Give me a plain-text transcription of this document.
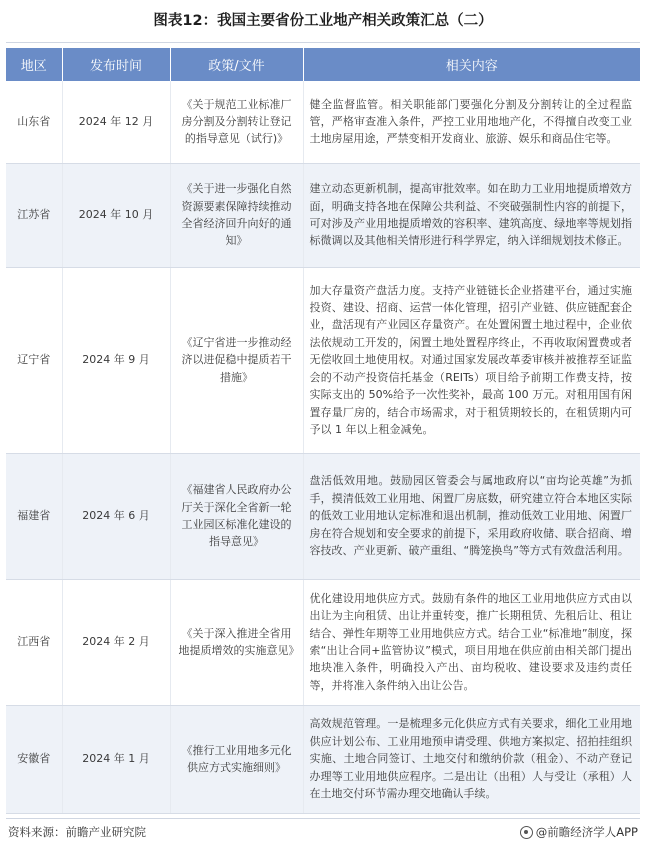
图表12：我国主要省份工业地产相关政策汇总（二）
地区	发布时间	政策/文件	相关内容
山东省	2024 年 12 月	《关于规范工业标准厂房分割及分割转让登记的指导意见（试行)》	健全监督监管。相关职能部门要强化分割及分割转让的全过程监管，严格审查准入条件，严控工业用地地产化，不得擅自改变工业土地房屋用途，严禁变相开发商业、旅游、娱乐和商品住宅等。
江苏省	2024 年 10 月	《关于进一步强化自然资源要素保障持续推动全省经济回升向好的通知》	建立动态更新机制，提高审批效率。如在助力工业用地提质增效方面，明确支持各地在保障公共利益、不突破强制性内容的前提下，可对涉及产业用地提质增效的容积率、建筑高度、绿地率等规划指标微调以及其他相关情形进行科学界定，纳入详细规划技术修正。
辽宁省	2024 年 9 月	《辽宁省进一步推动经济以进促稳中提质若干措施》	加大存量资产盘活力度。支持产业链链长企业搭建平台，通过实施投资、建设、招商、运营一体化管理，招引产业链、供应链配套企业，盘活现有产业园区存量资产。在处置闲置土地过程中，企业依法依规动工开发的，闲置土地处置程序终止，不再收取闲置费或者无偿收回土地使用权。对通过国家发展改革委审核并被推荐至证监会的不动产投资信托基金（REITs）项目给予前期工作费支持，按实际支出的 50%给予一次性奖补，最高 100 万元。对租用国有闲置存量厂房的，结合市场需求，对于租赁期较长的，在租赁期内可予以 1 年以上租金减免。
福建省	2024 年 6 月	《福建省人民政府办公厅关于深化全省新一轮工业园区标准化建设的指导意见》	盘活低效用地。鼓励园区管委会与属地政府以“亩均论英雄”为抓手，摸清低效工业用地、闲置厂房底数，研究建立符合本地区实际的低效工业用地认定标准和退出机制，推动低效工业用地、闲置厂房在符合规划和安全要求的前提下，采用政府收储、联合招商、增容技改、产业更新、破产重组、“腾笼换鸟”等方式有效盘活利用。
江西省	2024 年 2 月	《关于深入推进全省用地提质增效的实施意见》	优化建设用地供应方式。鼓励有条件的地区工业用地供应方式由以出让为主向租赁、出让并重转变，推广长期租赁、先租后让、租让结合、弹性年期等工业用地供应方式。结合工业“标准地”制度，探索“出让合同+监管协议”模式，项目用地在供应前由相关部门提出地块准入条件，明确投入产出、亩均税收、建设要求及违约责任等，并将准入条件纳入出让公告。
安徽省	2024 年 1 月	《推行工业用地多元化供应方式实施细则》	高效规范管理。一是梳理多元化供应方式有关要求，细化工业用地供应计划公布、工业用地预申请受理、供地方案拟定、招拍挂组织实施、土地合同签订、土地交付和缴纳价款（租金）、不动产登记办理等工业用地供应程序。二是出让（出租）人与受让（承租）人在土地交付环节需办理交地确认手续。
资料来源：前瞻产业研究院	@前瞻经济学人APP
